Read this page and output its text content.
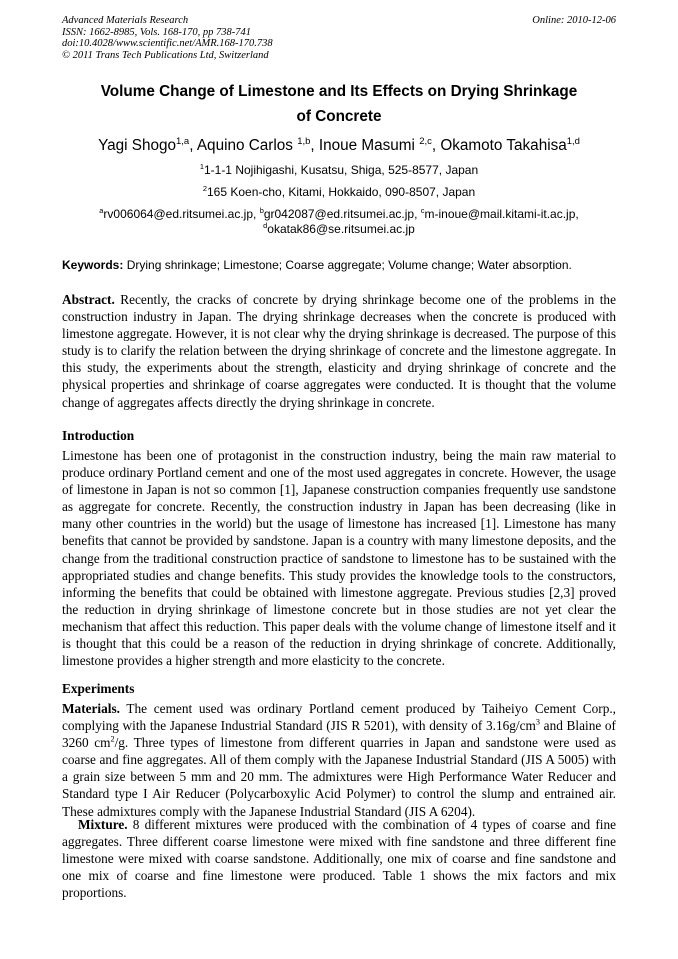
Advanced Materials Research
ISSN: 1662-8985, Vols. 168-170, pp 738-741
doi:10.4028/www.scientific.net/AMR.168-170.738
© 2011 Trans Tech Publications Ltd, Switzerland
Online: 2010-12-06
Volume Change of Limestone and Its Effects on Drying Shrinkage
of Concrete
Yagi Shogo$^{1,a}$, Aquino Carlos $^{1,b}$, Inoue Masumi $^{2,c}$, Okamoto Takahisa$^{1,d}$
$^1$1-1-1 Nojihigashi, Kusatsu, Shiga, 525-8577, Japan
$^2$165 Koen-cho, Kitami, Hokkaido, 090-8507, Japan
$^a$rv006064@ed.ritsumei.ac.jp, $^b$gr042087@ed.ritsumei.ac.jp, $^c$m-inoue@mail.kitami-it.ac.jp,
$^d$okatak86@se.ritsumei.ac.jp
Keywords: Drying shrinkage; Limestone; Coarse aggregate; Volume change; Water absorption.
Abstract. Recently, the cracks of concrete by drying shrinkage become one of the problems in the construction industry in Japan. The drying shrinkage decreases when the concrete is produced with limestone aggregate. However, it is not clear why the drying shrinkage is decreased. The purpose of this study is to clarify the relation between the drying shrinkage of concrete and the limestone aggregate. In this study, the experiments about the strength, elasticity and drying shrinkage of concrete and the physical properties and shrinkage of coarse aggregates were conducted. It is thought that the volume change of aggregates affects directly the drying shrinkage in concrete.
Introduction
Limestone has been one of protagonist in the construction industry, being the main raw material to produce ordinary Portland cement and one of the most used aggregates in concrete. However, the usage of limestone in Japan is not so common [1], Japanese construction companies frequently use sandstone as aggregate for concrete. Recently, the construction industry in Japan has been decreasing (like in many other countries in the world) but the usage of limestone has increased [1]. Limestone has many benefits that cannot be provided by sandstone. Japan is a country with many limestone deposits, and the change from the traditional construction practice of sandstone to limestone has to be sustained with the appropriated studies and change benefits. This study provides the knowledge tools to the constructors, informing the benefits that could be obtained with limestone aggregate. Previous studies [2,3] proved the reduction in drying shrinkage of limestone concrete but in those studies are not yet clear the mechanism that affect this reduction. This paper deals with the volume change of limestone itself and it is thought that this could be a reason of the reduction in drying shrinkage of concrete. Additionally, limestone provides a higher strength and more elasticity to the concrete.
Experiments
Materials. The cement used was ordinary Portland cement produced by Taiheiyo Cement Corp., complying with the Japanese Industrial Standard (JIS R 5201), with density of $3.16g/cm^3$ and Blaine of 3260 $cm^2/g$. Three types of limestone from different quarries in Japan and sandstone were used as coarse and fine aggregates. All of them comply with the Japanese Industrial Standard (JIS A 5005) with a grain size between 5 mm and 20 mm. The admixtures were High Performance Water Reducer and Standard type I Air Reducer (Polycarboxylic Acid Polymer) to control the slump and entrained air. These admixtures comply with the Japanese Industrial Standard (JIS A 6204).
Mixture. 8 different mixtures were produced with the combination of 4 types of coarse and fine aggregates. Three different coarse limestone were mixed with fine sandstone and three different fine limestone were mixed with coarse sandstone. Additionally, one mix of coarse and fine sandstone and one mix of coarse and fine limestone were produced. Table 1 shows the mix factors and mix proportions.
